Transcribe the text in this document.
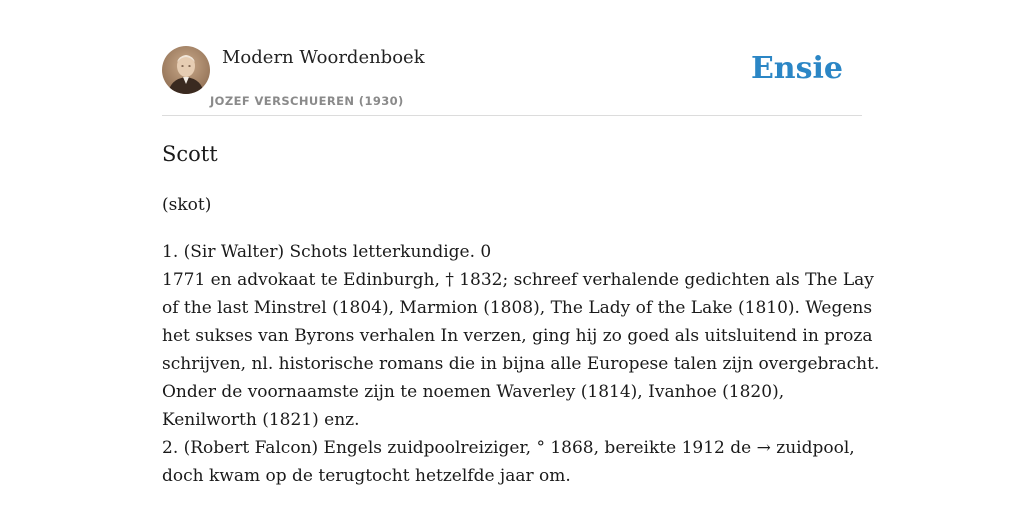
Modern Woordenboek
JOZEF VERSCHUEREN (1930)
Ensie
Scott
(skot)
1. (Sir Walter) Schots letterkundige. 0
1771 en advokaat te Edinburgh, † 1832; schreef verhalende gedichten als The Lay
of the last Minstrel (1804), Marmion (1808), The Lady of the Lake (1810). Wegens
het sukses van Byrons verhalen In verzen, ging hij zo goed als uitsluitend in proza
schrijven, nl. historische romans die in bijna alle Europese talen zijn overgebracht.
Onder de voornaamste zijn te noemen Waverley (1814), Ivanhoe (1820),
Kenilworth (1821) enz.
2. (Robert Falcon) Engels zuidpoolreiziger, ° 1868, bereikte 1912 de → zuidpool,
doch kwam op de terugtocht hetzelfde jaar om.
